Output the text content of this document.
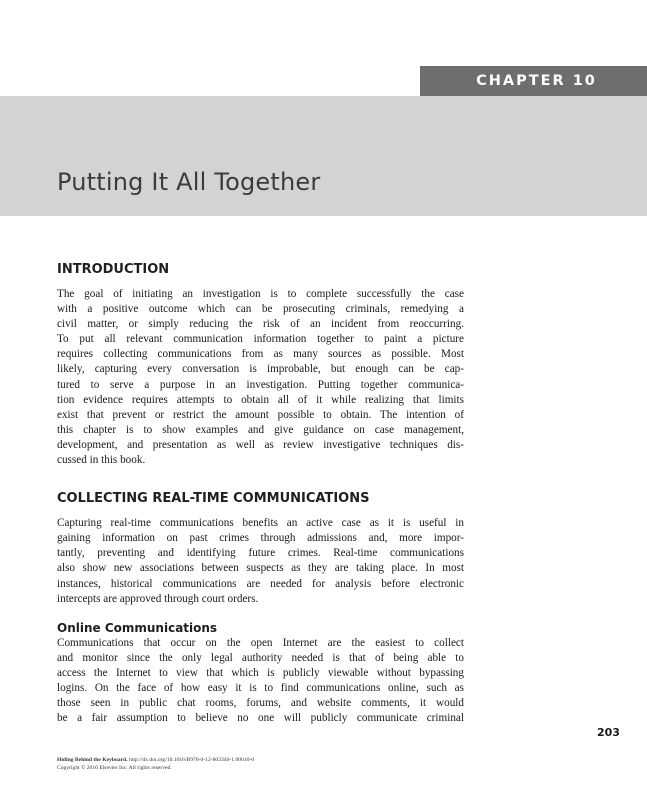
CHAPTER 10
Putting It All Together
INTRODUCTION
The goal of initiating an investigation is to complete successfully the case
with a positive outcome which can be prosecuting criminals, remedying a
civil matter, or simply reducing the risk of an incident from reoccurring.
To put all relevant communication information together to paint a picture
requires collecting communications from as many sources as possible. Most
likely, capturing every conversation is improbable, but enough can be cap-
tured to serve a purpose in an investigation. Putting together communica-
tion evidence requires attempts to obtain all of it while realizing that limits
exist that prevent or restrict the amount possible to obtain. The intention of
this chapter is to show examples and give guidance on case management,
development, and presentation as well as review investigative techniques dis-
cussed in this book.
COLLECTING REAL-TIME COMMUNICATIONS
Capturing real-time communications benefits an active case as it is useful in
gaining information on past crimes through admissions and, more impor-
tantly, preventing and identifying future crimes. Real-time communications
also show new associations between suspects as they are taking place. In most
instances, historical communications are needed for analysis before electronic
intercepts are approved through court orders.
Online Communications
Communications that occur on the open Internet are the easiest to collect
and monitor since the only legal authority needed is that of being able to
access the Internet to view that which is publicly viewable without bypassing
logins. On the face of how easy it is to find communications online, such as
those seen in public chat rooms, forums, and website comments, it would
be a fair assumption to believe no one will publicly communicate criminal
203
Hiding Behind the Keyboard. http://dx.doi.org/10.1016/B978-0-12-803340-1.00010-0
Copyright © 2016 Elsevier Inc. All rights reserved.
